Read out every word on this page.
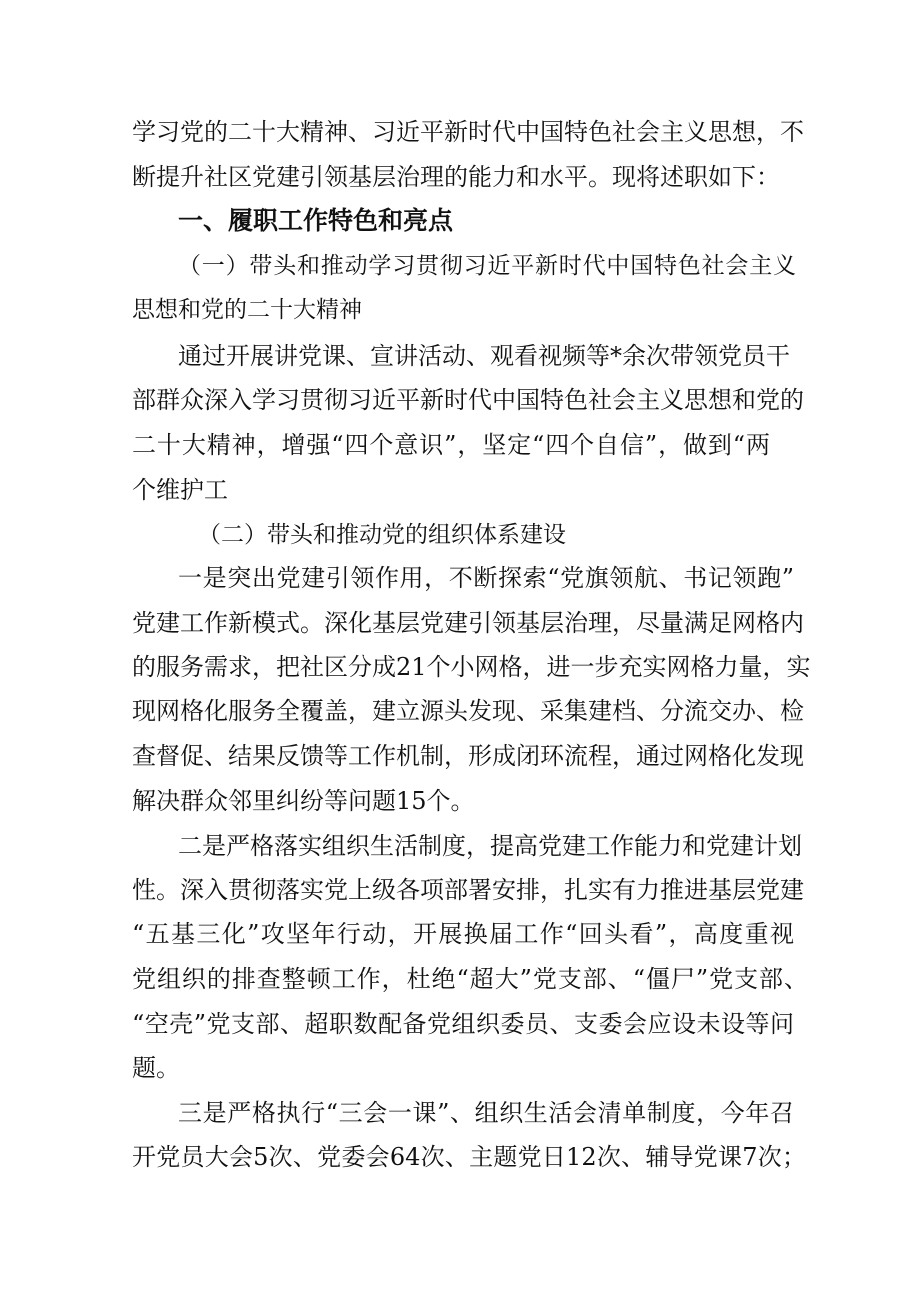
学习党的二十大精神、习近平新时代中国特色社会主义思想，不
断提升社区党建引领基层治理的能力和水平。现将述职如下：
一、履职工作特色和亮点
（一）带头和推动学习贯彻习近平新时代中国特色社会主义
思想和党的二十大精神
通过开展讲党课、宣讲活动、观看视频等*余次带领党员干
部群众深入学习贯彻习近平新时代中国特色社会主义思想和党的
二十大精神，增强“四个意识”，坚定“四个自信”，做到“两
个维护工
（二）带头和推动党的组织体系建设
一是突出党建引领作用，不断探索“党旗领航、书记领跑”
党建工作新模式。深化基层党建引领基层治理，尽量满足网格内
的服务需求，把社区分成21个小网格，进一步充实网格力量，实
现网格化服务全覆盖，建立源头发现、采集建档、分流交办、检
查督促、结果反馈等工作机制，形成闭环流程，通过网格化发现
解决群众邻里纠纷等问题15个。
二是严格落实组织生活制度，提高党建工作能力和党建计划
性。深入贯彻落实党上级各项部署安排，扎实有力推进基层党建
“五基三化”攻坚年行动，开展换届工作“回头看”，高度重视
党组织的排查整顿工作，杜绝“超大”党支部、“僵尸”党支部、
“空壳”党支部、超职数配备党组织委员、支委会应设未设等问
题。
三是严格执行“三会一课”、组织生活会清单制度，今年召
开党员大会5次、党委会64次、主题党日12次、辅导党课7次；
